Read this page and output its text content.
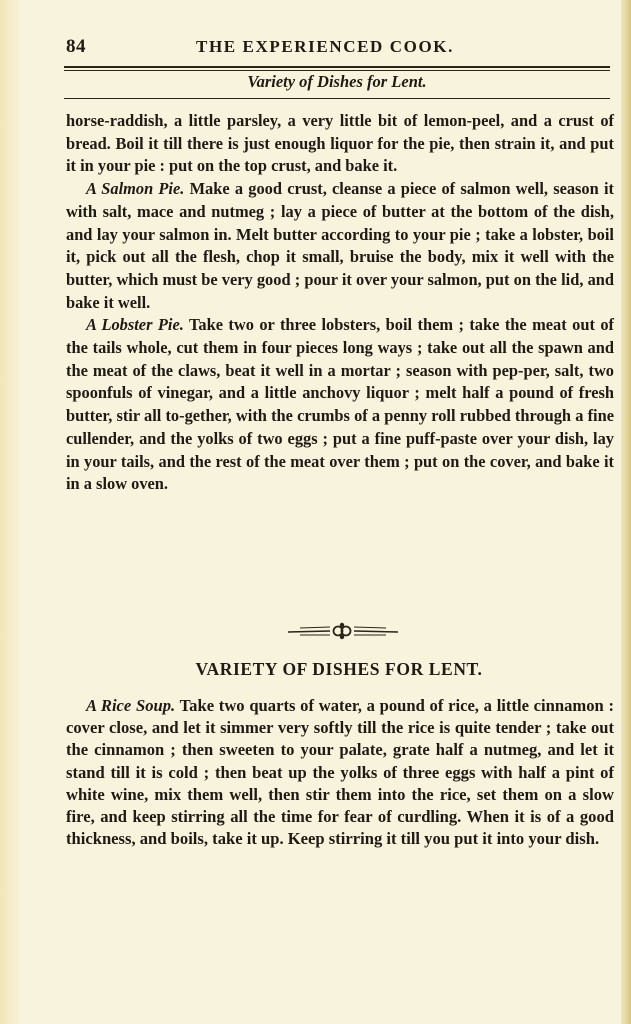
84	THE EXPERIENCED COOK.
Variety of Dishes for Lent.

horse-raddish, a little parsley, a very little bit of lemon-peel, and a crust of bread. Boil it till there is just enough liquor for the pie, then strain it, and put it in your pie : put on the top crust, and bake it.

A Salmon Pie. Make a good crust, cleanse a piece of salmon well, season it with salt, mace and nutmeg ; lay a piece of butter at the bottom of the dish, and lay your salmon in. Melt butter according to your pie ; take a lobster, boil it, pick out all the flesh, chop it small, bruise the body, mix it well with the butter, which must be very good ; pour it over your salmon, put on the lid, and bake it well.

A Lobster Pie. Take two or three lobsters, boil them ; take the meat out of the tails whole, cut them in four pieces long ways ; take out all the spawn and the meat of the claws, beat it well in a mortar ; season with pep-per, salt, two spoonfuls of vinegar, and a little anchovy liquor ; melt half a pound of fresh butter, stir all to-gether, with the crumbs of a penny roll rubbed through a fine cullender, and the yolks of two eggs ; put a fine puff-paste over your dish, lay in your tails, and the rest of the meat over them ; put on the cover, and bake it in a slow oven.

VARIETY OF DISHES FOR LENT.

A Rice Soup. Take two quarts of water, a pound of rice, a little cinnamon : cover close, and let it simmer very softly till the rice is quite tender ; take out the cinnamon ; then sweeten to your palate, grate half a nutmeg, and let it stand till it is cold ; then beat up the yolks of three eggs with half a pint of white wine, mix them well, then stir them into the rice, set them on a slow fire, and keep stirring all the time for fear of curdling. When it is of a good thickness, and boils, take it up. Keep stirring it till you put it into your dish.
